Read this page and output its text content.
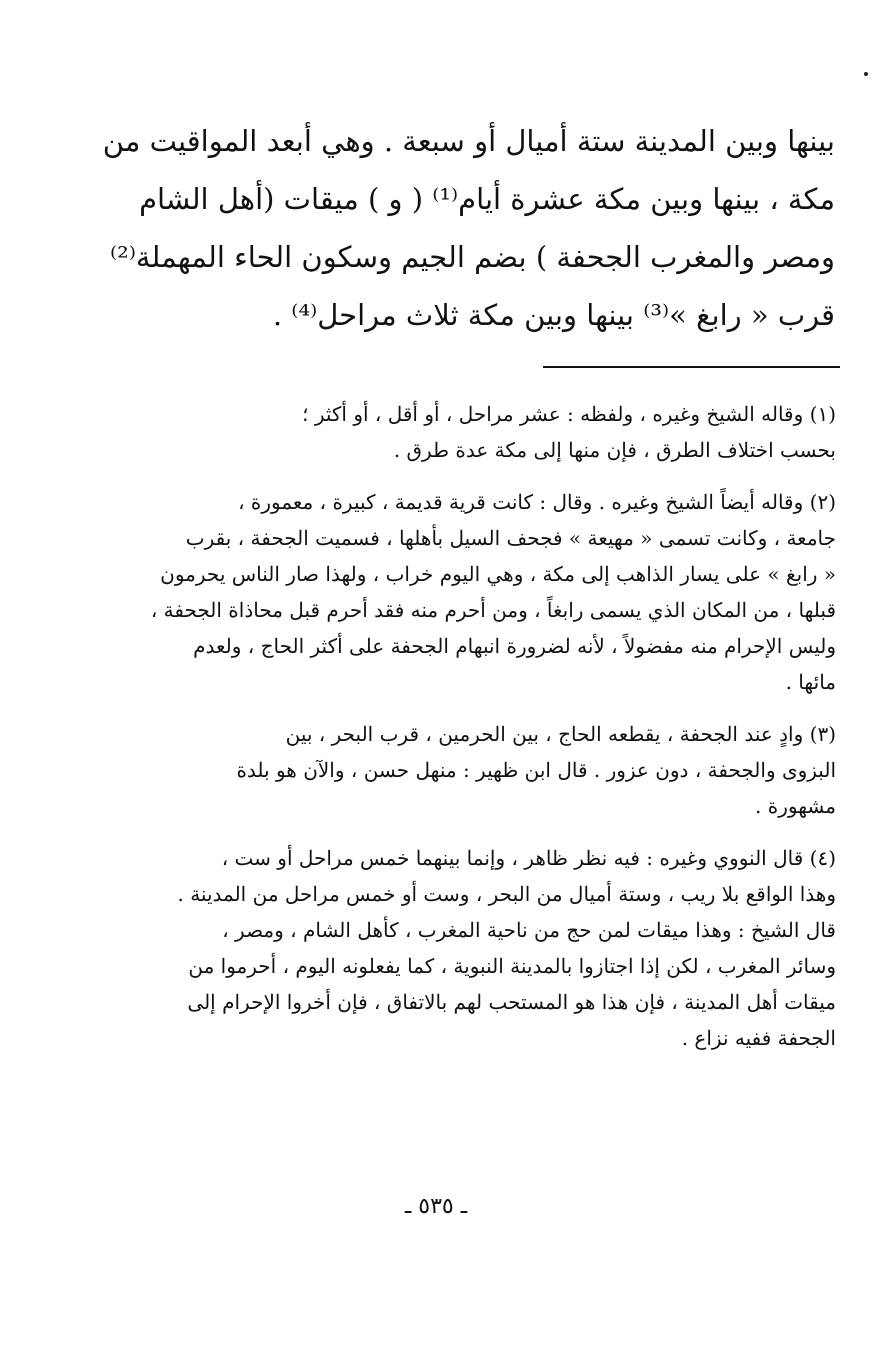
بينها وبين المدينة ستة أميال أو سبعة . وهي أبعد المواقيت من
مكة ، بينها وبين مكة عشرة أيام⁽¹⁾ ( و ) ميقات (أهل الشام
ومصر والمغرب الجحفة ) بضم الجيم وسكون الحاء المهملة⁽²⁾
قرب « رابغ »⁽³⁾ بينها وبين مكة ثلاث مراحل⁽⁴⁾ .
(١) وقاله الشيخ وغيره ، ولفظه : عشر مراحل ، أو أقل ، أو أكثر ؛
بحسب اختلاف الطرق ، فإن منها إلى مكة عدة طرق .
(٢) وقاله أيضاً الشيخ وغيره . وقال : كانت قرية قديمة ، كبيرة ، معمورة ،
جامعة ، وكانت تسمى « مهيعة » فجحف السيل بأهلها ، فسميت الجحفة ، بقرب
« رابغ » على يسار الذاهب إلى مكة ، وهي اليوم خراب ، ولهذا صار الناس يحرمون
قبلها ، من المكان الذي يسمى رابغاً ، ومن أحرم منه فقد أحرم قبل محاذاة الجحفة ،
وليس الإحرام منه مفضولاً ، لأنه لضرورة انبهام الجحفة على أكثر الحاج ، ولعدم
مائها .
(٣) وادٍ عند الجحفة ، يقطعه الحاج ، بين الحرمين ، قرب البحر ، بين
البزوى والجحفة ، دون عزور . قال ابن ظهير : منهل حسن ، والآن هو بلدة
مشهورة .
(٤) قال النووي وغيره : فيه نظر ظاهر ، وإنما بينهما خمس مراحل أو ست ،
وهذا الواقع بلا ريب ، وستة أميال من البحر ، وست أو خمس مراحل من المدينة .
قال الشيخ : وهذا ميقات لمن حج من ناحية المغرب ، كأهل الشام ، ومصر ،
وسائر المغرب ، لكن إذا اجتازوا بالمدينة النبوية ، كما يفعلونه اليوم ، أحرموا من
ميقات أهل المدينة ، فإن هذا هو المستحب لهم بالاتفاق ، فإن أخروا الإحرام إلى
الجحفة ففيه نزاع .
ـ ٥٣٥ ـ
